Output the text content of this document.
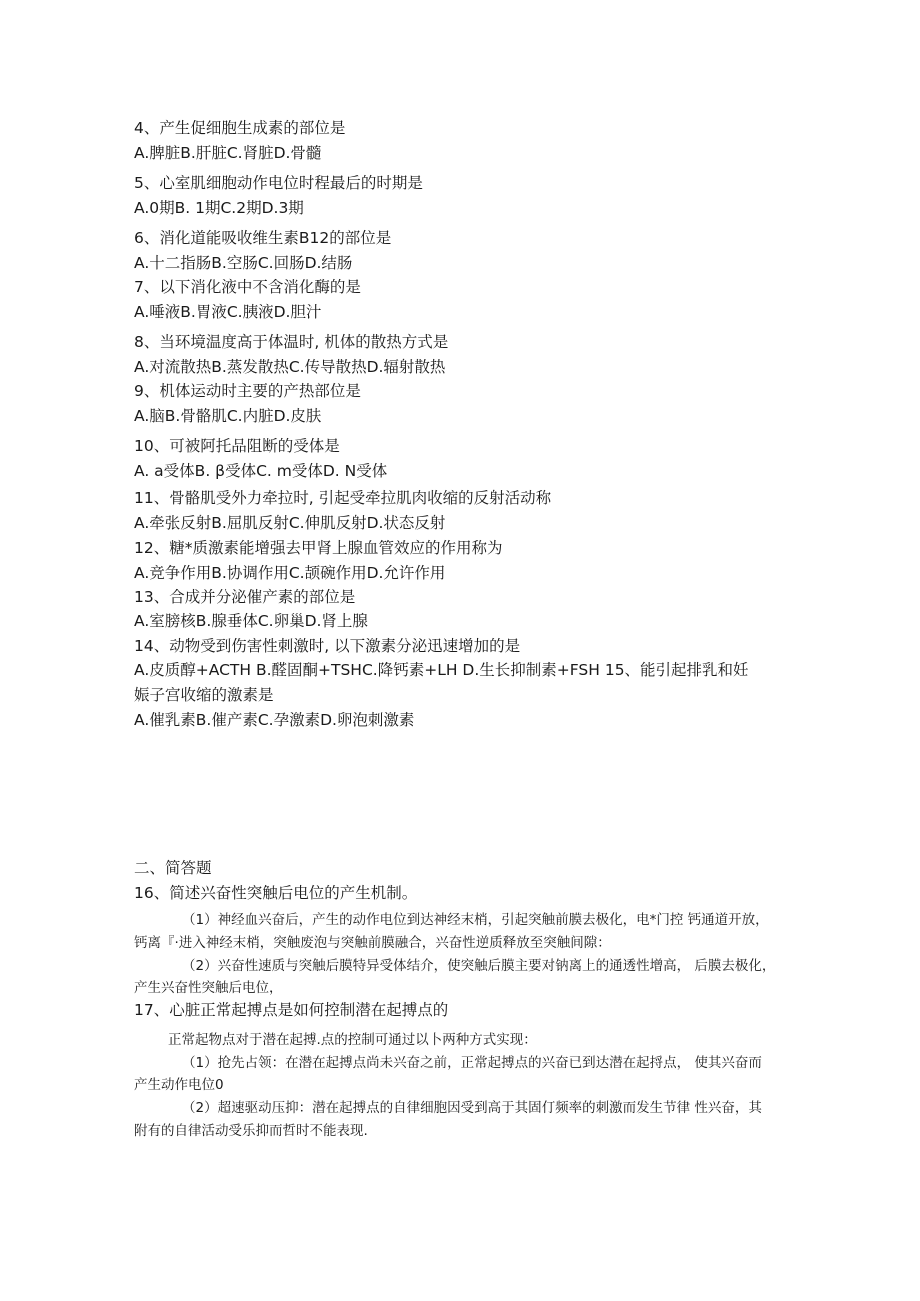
4、产生促细胞生成素的部位是
A.脾脏B.肝脏C.肾脏D.骨髓
5、心室肌细胞动作电位时程最后的时期是
A.0期B. 1期C.2期D.3期
6、消化道能吸收维生素B12的部位是
A.十二指肠B.空肠C.回肠D.结肠
7、以下消化液中不含消化酶的是
A.唾液B.胃液C.胰液D.胆汁
8、当环境温度高于体温时, 机体的散热方式是
A.对流散热B.蒸发散热C.传导散热D.辐射散热
9、机体运动时主要的产热部位是
A.脑B.骨骼肌C.内脏D.皮肤
10、可被阿托品阻断的受体是
A. a受体B. β受体C. m受体D. N受体
11、骨骼肌受外力牵拉时, 引起受牵拉肌肉收缩的反射活动称
A.牵张反射B.屈肌反射C.伸肌反射D.状态反射
12、糖*质激素能增强去甲肾上腺血管效应的作用称为
A.竞争作用B.协调作用C.颉碗作用D.允许作用
13、合成并分泌催产素的部位是
A.室膀核B.腺垂体C.卵巢D.肾上腺
14、动物受到伤害性刺激时, 以下激素分泌迅速增加的是
A.皮质醇+ACTH B.醛固酮+TSHC.降钙素+LH D.生长抑制素+FSH 15、能引起排乳和妊
娠子宫收缩的激素是
A.催乳素B.催产素C.孕激素D.卵泡刺激素
二、简答题
16、简述兴奋性突触后电位的产生机制。
（1）神经血兴奋后，产生的动作电位到达神经末梢，引起突触前膜去极化，电*门控 钙通道开放，
钙离『·进入神经末梢，突触废泡与突触前膜融合，兴奋性逆质释放至突触间隙：
（2）兴奋性速质与突触后膜特异受体结介，使突触后膜主要对钠离上的通透性增高， 后膜去极化，
产生兴奋性突触后电位，
17、心脏正常起搏点是如何控制潜在起搏点的
正常起物点对于潜在起搏.点的控制可通过以卜两种方式实现：
（1）抢先占领：在潜在起搏点尚未兴奋之前，正常起搏点的兴奋已到达潜在起捋点， 使其兴奋而
产生动作电位0
（2）超速驱动压抑：潜在起搏点的自律细胞因受到高于其固仃频率的刺激而发生节律 性兴奋，其
附有的自律活动受乐抑而哲时不能表现.
